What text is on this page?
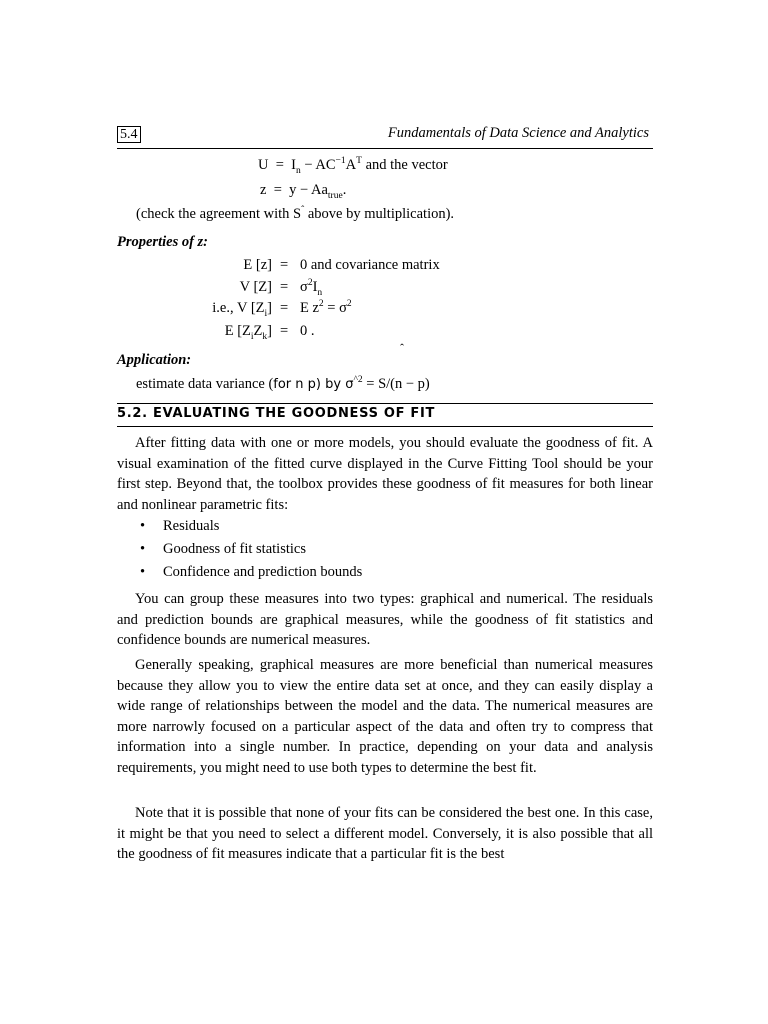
5.4	Fundamentals of Data Science and Analytics
$U = I_n - AC^{-1}A^T$ and the vector
$z = y - Aa_{true}$.
(check the agreement with $S^ˆ$ above by multiplication).
Properties of z:
E [z] = 0 and covariance matrix
V $[Z] = \sigma^2I_n$
i.e., V $[Z_i] = E$ $z^2 = \sigma^2$
E $[Z_iZ_k] = 0$ .
ˆ
Application:
estimate data variance (for n p) by $\sigma^{\^{}2} = S/(n - p)$
5.2. EVALUATING THE GOODNESS OF FIT

After fitting data with one or more models, you should evaluate the goodness of fit. A visual examination of the fitted curve displayed in the Curve Fitting Tool should be your first step. Beyond that, the toolbox provides these goodness of fit measures for both linear and nonlinear parametric fits:

• Residuals
• Goodness of fit statistics
• Confidence and prediction bounds

You can group these measures into two types: graphical and numerical. The residuals and prediction bounds are graphical measures, while the goodness of fit statistics and confidence bounds are numerical measures.

Generally speaking, graphical measures are more beneficial than numerical measures because they allow you to view the entire data set at once, and they can easily display a wide range of relationships between the model and the data. The numerical measures are more narrowly focused on a particular aspect of the data and often try to compress that information into a single number. In practice, depending on your data and analysis requirements, you might need to use both types to determine the best fit.

Note that it is possible that none of your fits can be considered the best one. In this case, it might be that you need to select a different model. Conversely, it is also possible that all the goodness of fit measures indicate that a particular fit is the best
